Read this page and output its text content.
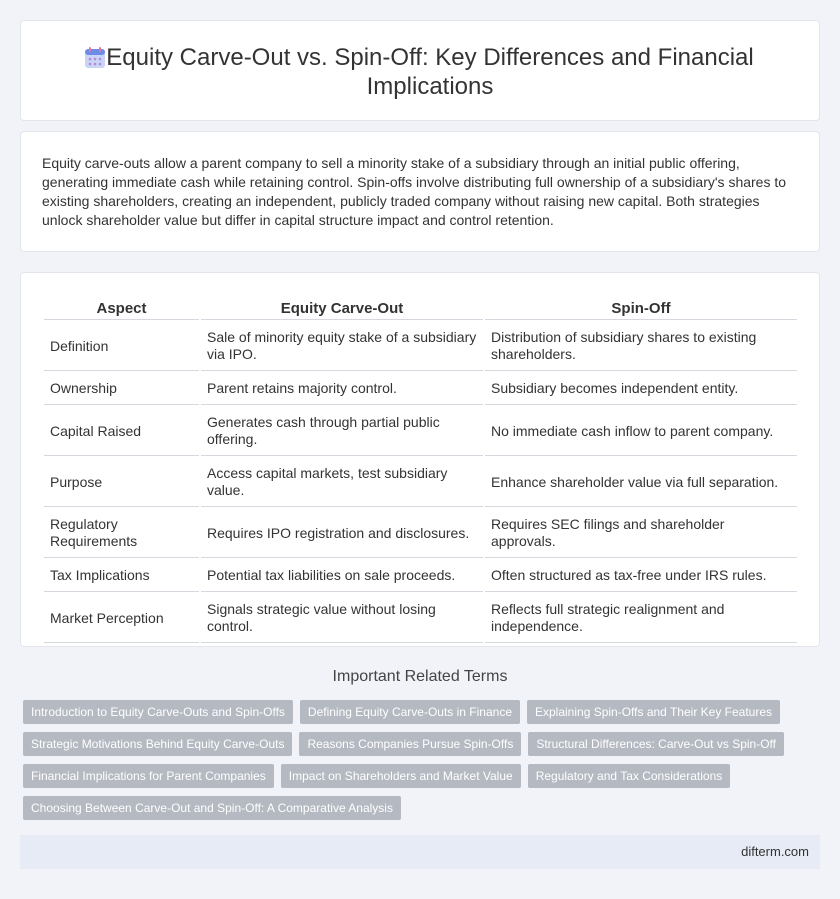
Equity Carve-Out vs. Spin-Off: Key Differences and Financial Implications

Equity carve-outs allow a parent company to sell a minority stake of a subsidiary through an initial public offering, generating immediate cash while retaining control. Spin-offs involve distributing full ownership of a subsidiary's shares to existing shareholders, creating an independent, publicly traded company without raising new capital. Both strategies unlock shareholder value but differ in capital structure impact and control retention.

Aspect	Equity Carve-Out	Spin-Off
Definition	Sale of minority equity stake of a subsidiary via IPO.	Distribution of subsidiary shares to existing shareholders.
Ownership	Parent retains majority control.	Subsidiary becomes independent entity.
Capital Raised	Generates cash through partial public offering.	No immediate cash inflow to parent company.
Purpose	Access capital markets, test subsidiary value.	Enhance shareholder value via full separation.
Regulatory Requirements	Requires IPO registration and disclosures.	Requires SEC filings and shareholder approvals.
Tax Implications	Potential tax liabilities on sale proceeds.	Often structured as tax-free under IRS rules.
Market Perception	Signals strategic value without losing control.	Reflects full strategic realignment and independence.
Important Related Terms
Introduction to Equity Carve-Outs and Spin-Offs	Defining Equity Carve-Outs in Finance	Explaining Spin-Offs and Their Key Features
Strategic Motivations Behind Equity Carve-Outs	Reasons Companies Pursue Spin-Offs	Structural Differences: Carve-Out vs Spin-Off
Financial Implications for Parent Companies	Impact on Shareholders and Market Value	Regulatory and Tax Considerations
Choosing Between Carve-Out and Spin-Off: A Comparative Analysis
difterm.com
